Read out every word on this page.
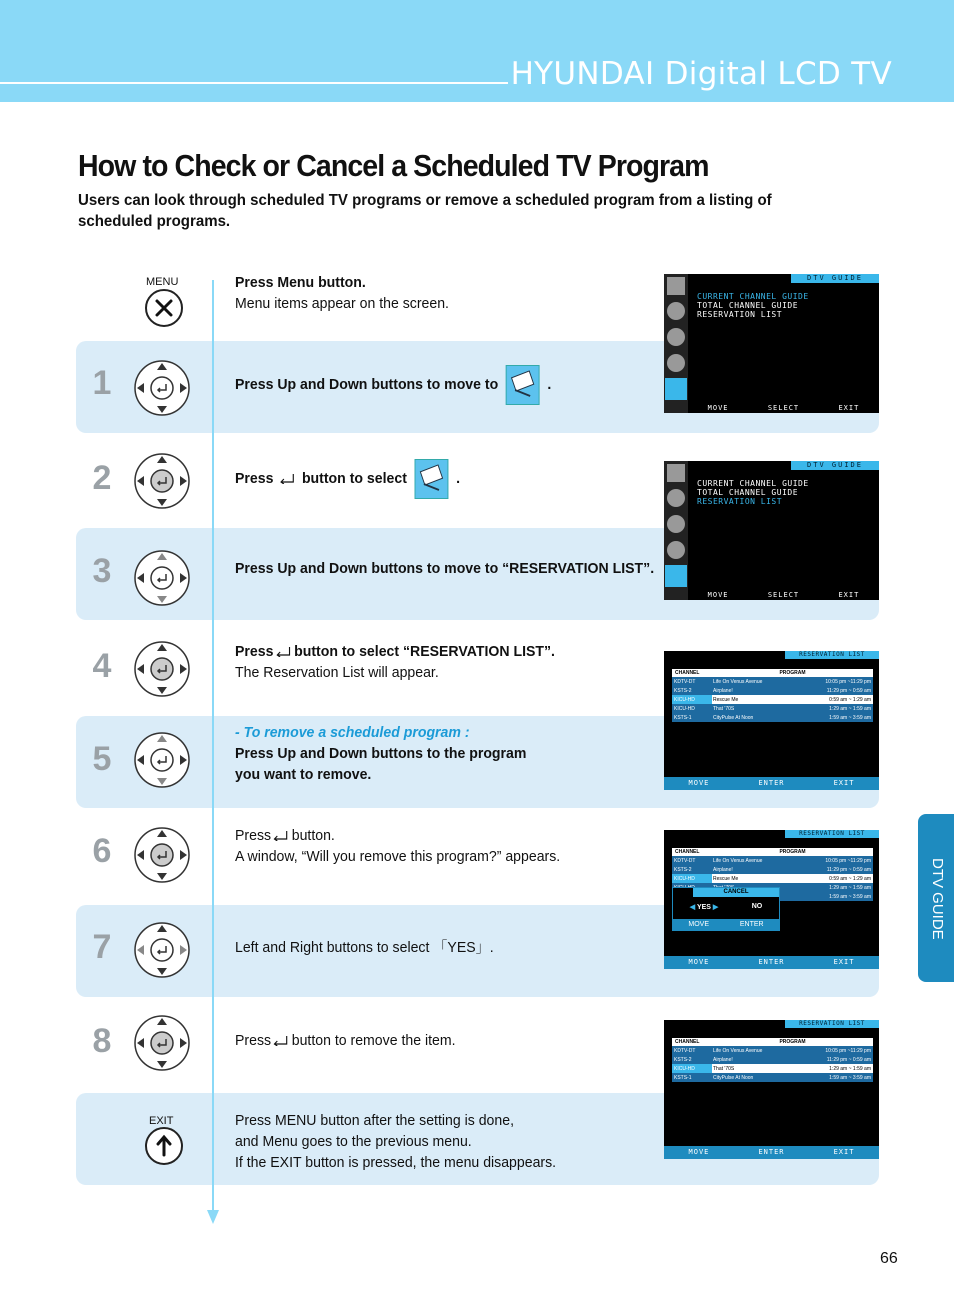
HYUNDAI Digital LCD TV
How to Check or Cancel a Scheduled TV Program
Users can look through scheduled TV programs or remove a scheduled program from a listing of scheduled programs.
MENU
1
2
3
4
5
6
7
8
EXIT
Press Menu button.
Menu items appear on the screen.
Press Up and Down buttons to move to	.
Press button to select	.
Press Up and Down buttons to move to “RESERVATION LIST”.
Press button to select “RESERVATION LIST”.
The Reservation List will appear.
- To remove a scheduled program :
Press Up and Down buttons to the program
you want to remove.
Press button.
A window, “Will you remove this program?” appears.
Left and Right buttons to select 「YES」.
Press button to remove the item.
Press MENU button after the setting is done,
and Menu goes to the previous menu.
If the EXIT button is pressed, the menu disappears.
DTV GUIDE
CURRENT CHANNEL GUIDE
TOTAL CHANNEL GUIDE
RESERVATION LIST
MOVE	SELECT	EXIT
DTV GUIDE
CURRENT CHANNEL GUIDE
TOTAL CHANNEL GUIDE
RESERVATION LIST
MOVE	SELECT	EXIT
RESERVATION LIST
CHANNEL	PROGRAM	
KDTV-DT	Life On Venus Avenue	10:05 pm ~11:29 pm
KSTS-2	Airplane!	11:29 pm ~ 0:59 am
KICU-HD	Rescue Me	0:59 am ~ 1:29 am
KICU-HD	That '70S	1:29 am ~ 1:59 am
KSTS-1	CityPulse At Noon	1:59 am ~ 3:59 am
MOVE	ENTER	EXIT
RESERVATION LIST
CHANNEL	PROGRAM	
KDTV-DT	Life On Venus Avenue	10:05 pm ~11:29 pm
KSTS-2	Airplane!	11:29 pm ~ 0:59 am
KICU-HD	Rescue Me	0:59 am ~ 1:29 am
		1:29 am ~ 1:59 am
		1:59 am ~ 3:59 am
CANCEL
◀ YES ▶	NO
MOVE	ENTER
MOVE	ENTER	EXIT
RESERVATION LIST
CHANNEL	PROGRAM	
KDTV-DT	Life On Venus Avenue	10:05 pm ~11:29 pm
KSTS-2	Airplane!	11:29 pm ~ 0:59 am
KICU-HD	That '70S	1:29 am ~ 1:59 am
KSTS-1	CityPulse At Noon	1:59 am ~ 3:59 am
MOVE	ENTER	EXIT
DTV GUIDE
66
